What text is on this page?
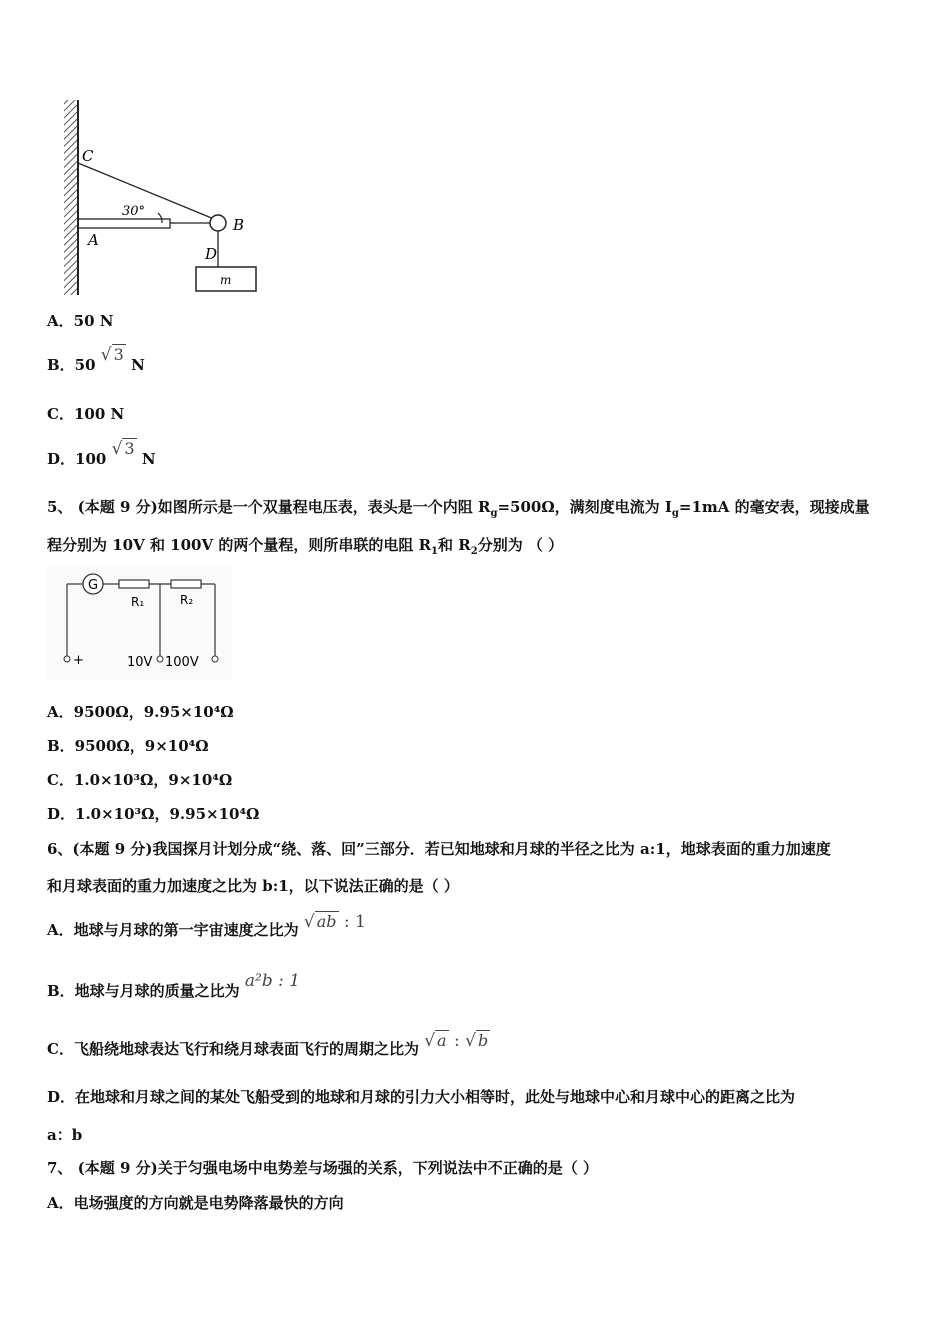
C
30°
A
B
D
m
A．50 N
B．50 √ 3 N
C．100 N
D．100 √ 3 N
5、 (本题 9 分)如图所示是一个双量程电压表，表头是一个内阻 $R_g=500\Omega$，满刻度电流为 $I_g=1mA$ 的毫安表，现接成量
程分别为 10V 和 100V 的两个量程，则所串联的电阻 $R_1$和 $R_2$分别为 （ ）
G
R₁	R₂
+	10V 100V
A．9500Ω，9.95×10⁴Ω
B．9500Ω，9×10⁴Ω
C．1.0×10³Ω，9×10⁴Ω
D．1.0×10³Ω，9.95×10⁴Ω
6、(本题 9 分)我国探月计划分成“绕、落、回”三部分．若已知地球和月球的半径之比为 a:1，地球表面的重力加速度
和月球表面的重力加速度之比为 b:1，以下说法正确的是（ ）
A．地球与月球的第一宇宙速度之比为 √ ab : 1
B．地球与月球的质量之比为 a²b : 1
C．飞船绕地球表达飞行和绕月球表面飞行的周期之比为 √ a : √ b
D．在地球和月球之间的某处飞船受到的地球和月球的引力大小相等时，此处与地球中心和月球中心的距离之比为
a：b
7、 (本题 9 分)关于匀强电场中电势差与场强的关系，下列说法中不正确的是（ ）
A．电场强度的方向就是电势降落最快的方向
